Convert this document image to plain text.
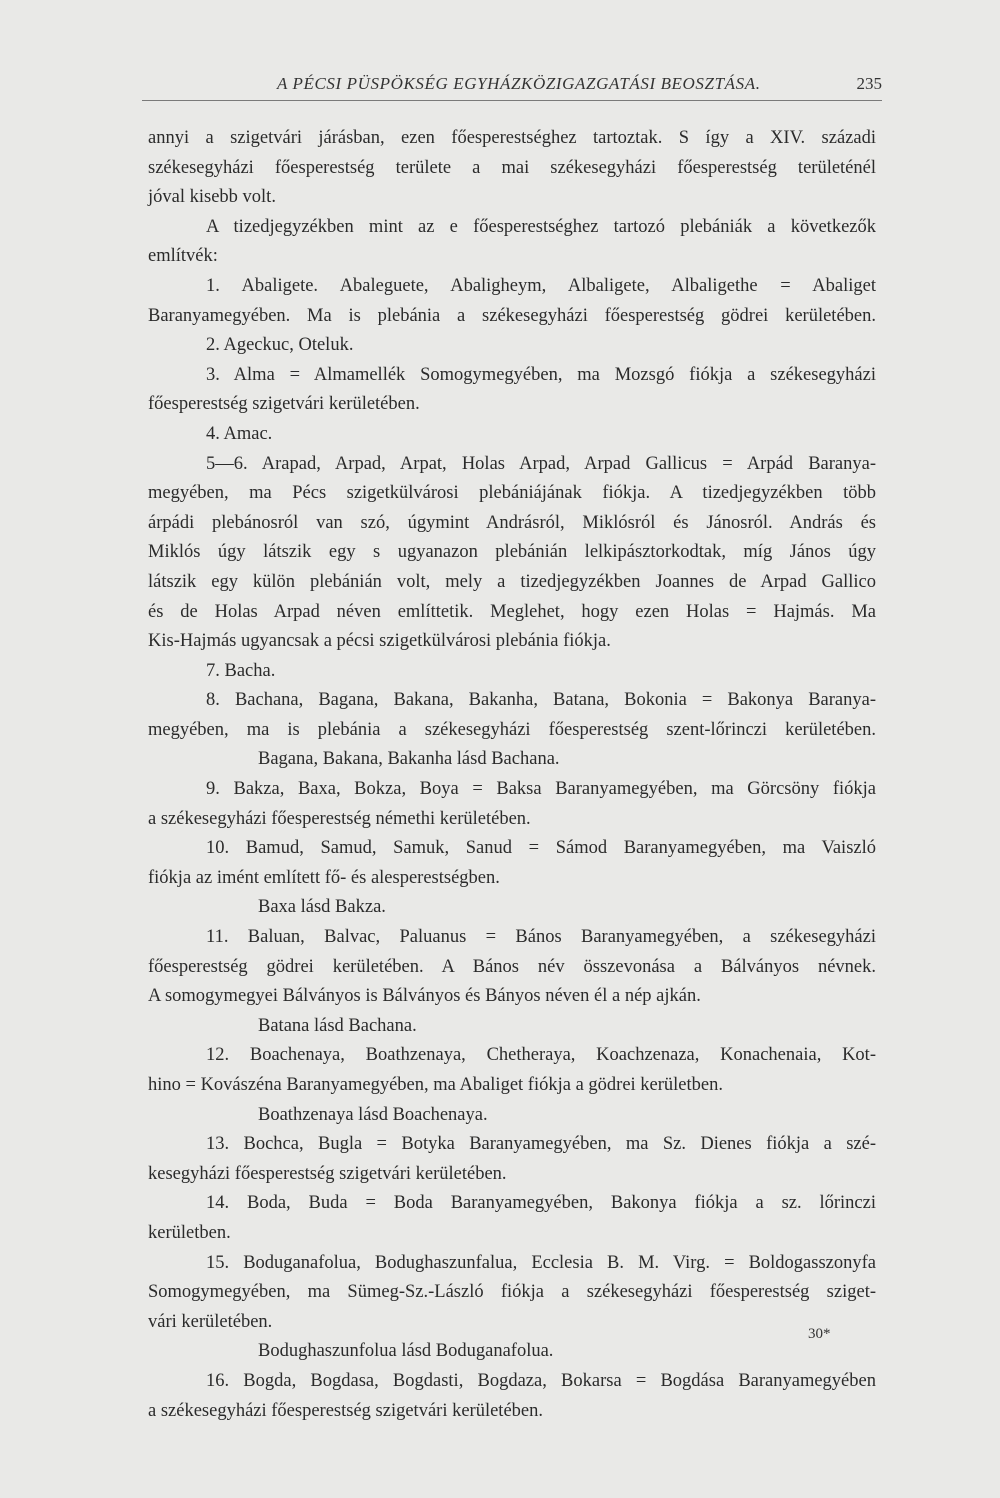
A PÉCSI PÜSPÖKSÉG EGYHÁZKÖZIGAZGATÁSI BEOSZTÁSA.	235
annyi a szigetvári járásban, ezen főesperestséghez tartoztak. S így a XIV. századi
székesegyházi főesperestség területe a mai székesegyházi főesperestség területénél
jóval kisebb volt.
A tizedjegyzékben mint az e főesperestséghez tartozó plebániák a következők
említvék:
1. Abaligete. Abaleguete, Abaligheym, Albaligete, Albaligethe = Abaliget
Baranyamegyében. Ma is plebánia a székesegyházi főesperestség gödrei kerületében.
2. Ageckuc, Oteluk.
3. Alma = Almamellék Somogymegyében, ma Mozsgó fiókja a székesegyházi
főesperestség szigetvári kerületében.
4. Amac.
5—6. Arapad, Arpad, Arpat, Holas Arpad, Arpad Gallicus = Arpád Baranya-
megyében, ma Pécs szigetkülvárosi plebániájának fiókja. A tizedjegyzékben több
árpádi plebánosról van szó, úgymint Andrásról, Miklósról és Jánosról. András és
Miklós úgy látszik egy s ugyanazon plebánián lelkipásztorkodtak, míg János úgy
látszik egy külön plebánián volt, mely a tizedjegyzékben Joannes de Arpad Gallico
és de Holas Arpad néven említtetik. Meglehet, hogy ezen Holas = Hajmás. Ma
Kis-Hajmás ugyancsak a pécsi szigetkülvárosi plebánia fiókja.
7. Bacha.
8. Bachana, Bagana, Bakana, Bakanha, Batana, Bokonia = Bakonya Baranya-
megyében, ma is plebánia a székesegyházi főesperestség szent-lőrinczi kerületében.
Bagana, Bakana, Bakanha lásd Bachana.
9. Bakza, Baxa, Bokza, Boya = Baksa Baranyamegyében, ma Görcsöny fiókja
a székesegyházi főesperestség némethi kerületében.
10. Bamud, Samud, Samuk, Sanud = Sámod Baranyamegyében, ma Vaiszló
fiókja az imént említett fő- és alesperestségben.
Baxa lásd Bakza.
11. Baluan, Balvac, Paluanus = Bános Baranyamegyében, a székesegyházi
főesperestség gödrei kerületében. A Bános név összevonása a Bálványos névnek.
A somogymegyei Bálványos is Bálványos és Bányos néven él a nép ajkán.
Batana lásd Bachana.
12. Boachenaya, Boathzenaya, Chetheraya, Koachzenaza, Konachenaia, Kot-
hino = Kovászéna Baranyamegyében, ma Abaliget fiókja a gödrei kerületben.
Boathzenaya lásd Boachenaya.
13. Bochca, Bugla = Botyka Baranyamegyében, ma Sz. Dienes fiókja a szé-
kesegyházi főesperestség szigetvári kerületében.
14. Boda, Buda = Boda Baranyamegyében, Bakonya fiókja a sz. lőrinczi
kerületben.
15. Boduganafolua, Bodughaszunfalua, Ecclesia B. M. Virg. = Boldogasszonyfa
Somogymegyében, ma Sümeg-Sz.-László fiókja a székesegyházi főesperestség sziget-
vári kerületében.
Bodughaszunfolua lásd Boduganafolua.
16. Bogda, Bogdasa, Bogdasti, Bogdaza, Bokarsa = Bogdása Baranyamegyében
a székesegyházi főesperestség szigetvári kerületében.
30*
